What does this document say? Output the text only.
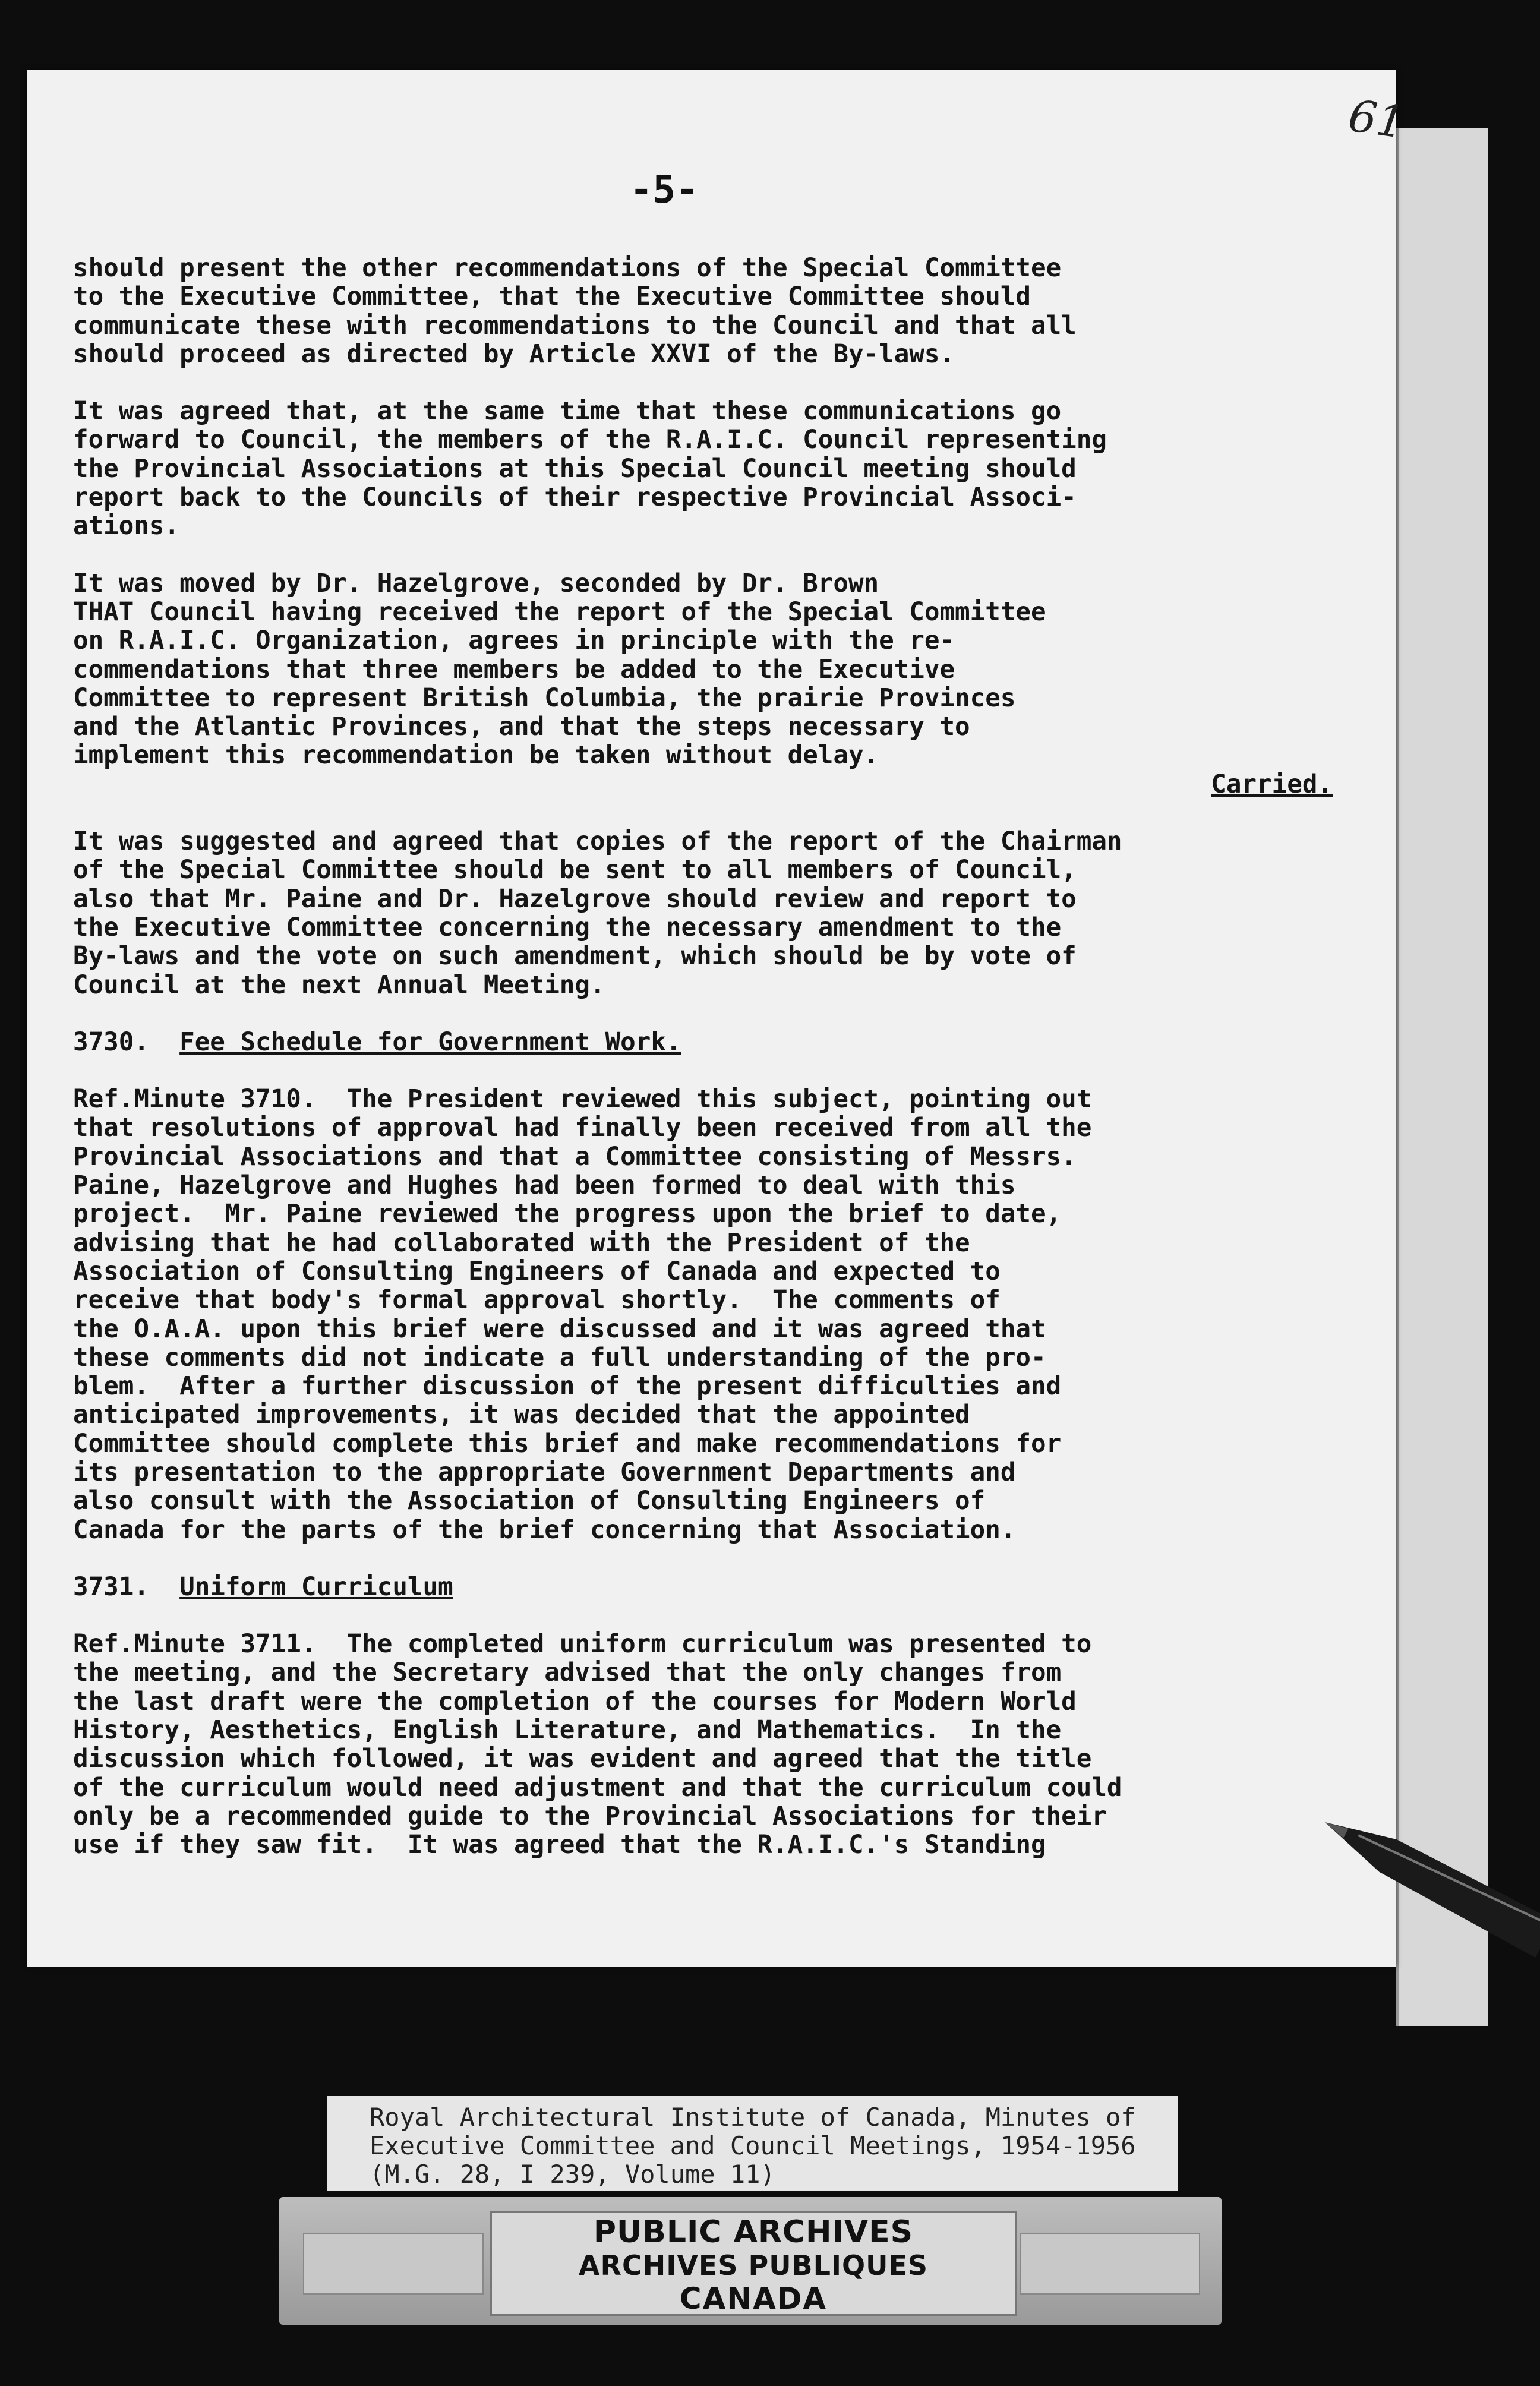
61
-5-
should present the other recommendations of the Special Committee
to the Executive Committee, that the Executive Committee should
communicate these with recommendations to the Council and that all
should proceed as directed by Article XXVI of the By-laws.
It was agreed that, at the same time that these communications go
forward to Council, the members of the R.A.I.C. Council representing
the Provincial Associations at this Special Council meeting should
report back to the Councils of their respective Provincial Associ-
ations.
It was moved by Dr. Hazelgrove, seconded by Dr. Brown
THAT Council having received the report of the Special Committee
on R.A.I.C. Organization, agrees in principle with the re-
commendations that three members be added to the Executive
Committee to represent British Columbia, the prairie Provinces
and the Atlantic Provinces, and that the steps necessary to
implement this recommendation be taken without delay.
Carried.
It was suggested and agreed that copies of the report of the Chairman
of the Special Committee should be sent to all members of Council,
also that Mr. Paine and Dr. Hazelgrove should review and report to
the Executive Committee concerning the necessary amendment to the
By-laws and the vote on such amendment, which should be by vote of
Council at the next Annual Meeting.
3730. Fee Schedule for Government Work.
Ref.Minute 3710.  The President reviewed this subject, pointing out
that resolutions of approval had finally been received from all the
Provincial Associations and that a Committee consisting of Messrs.
Paine, Hazelgrove and Hughes had been formed to deal with this
project.  Mr. Paine reviewed the progress upon the brief to date,
advising that he had collaborated with the President of the
Association of Consulting Engineers of Canada and expected to
receive that body's formal approval shortly.  The comments of
the O.A.A. upon this brief were discussed and it was agreed that
these comments did not indicate a full understanding of the pro-
blem.  After a further discussion of the present difficulties and
anticipated improvements, it was decided that the appointed
Committee should complete this brief and make recommendations for
its presentation to the appropriate Government Departments and
also consult with the Association of Consulting Engineers of
Canada for the parts of the brief concerning that Association.
3731. Uniform Curriculum
Ref.Minute 3711.  The completed uniform curriculum was presented to
the meeting, and the Secretary advised that the only changes from
the last draft were the completion of the courses for Modern World
History, Aesthetics, English Literature, and Mathematics.  In the
discussion which followed, it was evident and agreed that the title
of the curriculum would need adjustment and that the curriculum could
only be a recommended guide to the Provincial Associations for their
use if they saw fit.  It was agreed that the R.A.I.C.'s Standing
Royal Architectural Institute of Canada, Minutes of
Executive Committee and Council Meetings, 1954-1956
(M.G. 28, I 239, Volume 11)
PUBLIC ARCHIVES
ARCHIVES PUBLIQUES
CANADA
